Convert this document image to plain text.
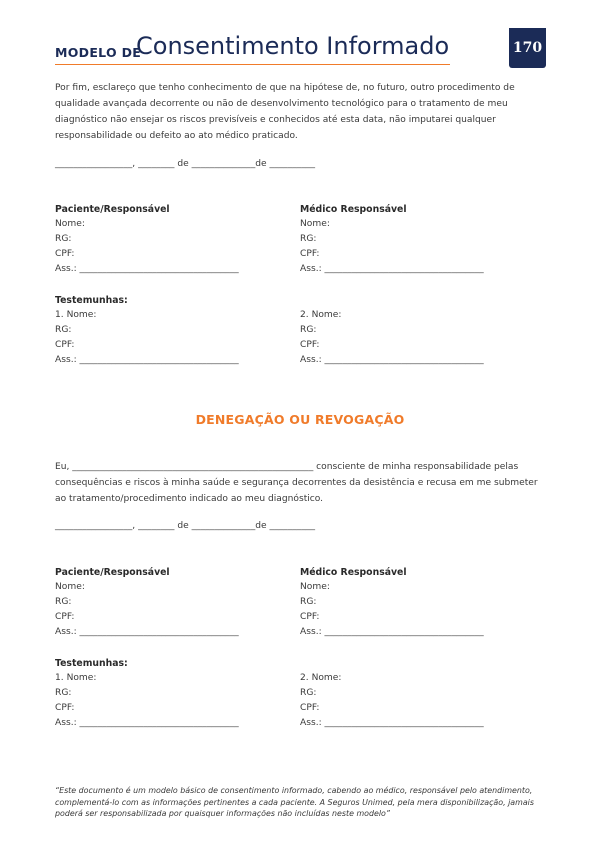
MODELO DE
Consentimento Informado	170

Por fim, esclareço que tenho conhecimento de que na hipótese de, no futuro, outro procedimento de qualidade avançada decorrente ou não de desenvolvimento tecnológico para o tratamento de meu diagnóstico não ensejar os riscos previsíveis e conhecidos até esta data, não imputarei qualquer responsabilidade ou defeito ao ato médico praticado.

_________________, ________ de ______________de __________
Paciente/Responsável
Nome:
RG:
CPF:
Ass.: ___________________________________
Médico Responsável
Nome:
RG:
CPF:
Ass.: ___________________________________
Testemunhas:
1. Nome:
RG:
CPF:
Ass.: ___________________________________
2. Nome:
RG:
CPF:
Ass.: ___________________________________
DENEGAÇÃO OU REVOGAÇÃO

Eu, _____________________________________________________ consciente de minha responsabilidade pelas consequências e riscos à minha saúde e segurança decorrentes da desistência e recusa em me submeter ao tratamento/procedimento indicado ao meu diagnóstico.

_________________, ________ de ______________de __________
Paciente/Responsável
Nome:
RG:
CPF:
Ass.: ___________________________________
Médico Responsável
Nome:
RG:
CPF:
Ass.: ___________________________________
Testemunhas:
1. Nome:
RG:
CPF:
Ass.: ___________________________________
2. Nome:
RG:
CPF:
Ass.: ___________________________________
“Este documento é um modelo básico de consentimento informado, cabendo ao médico, responsável pelo atendimento, complementá-lo com as informações pertinentes a cada paciente. A Seguros Unimed, pela mera disponibilização, jamais poderá ser responsabilizada por quaisquer informações não incluídas neste modelo”
